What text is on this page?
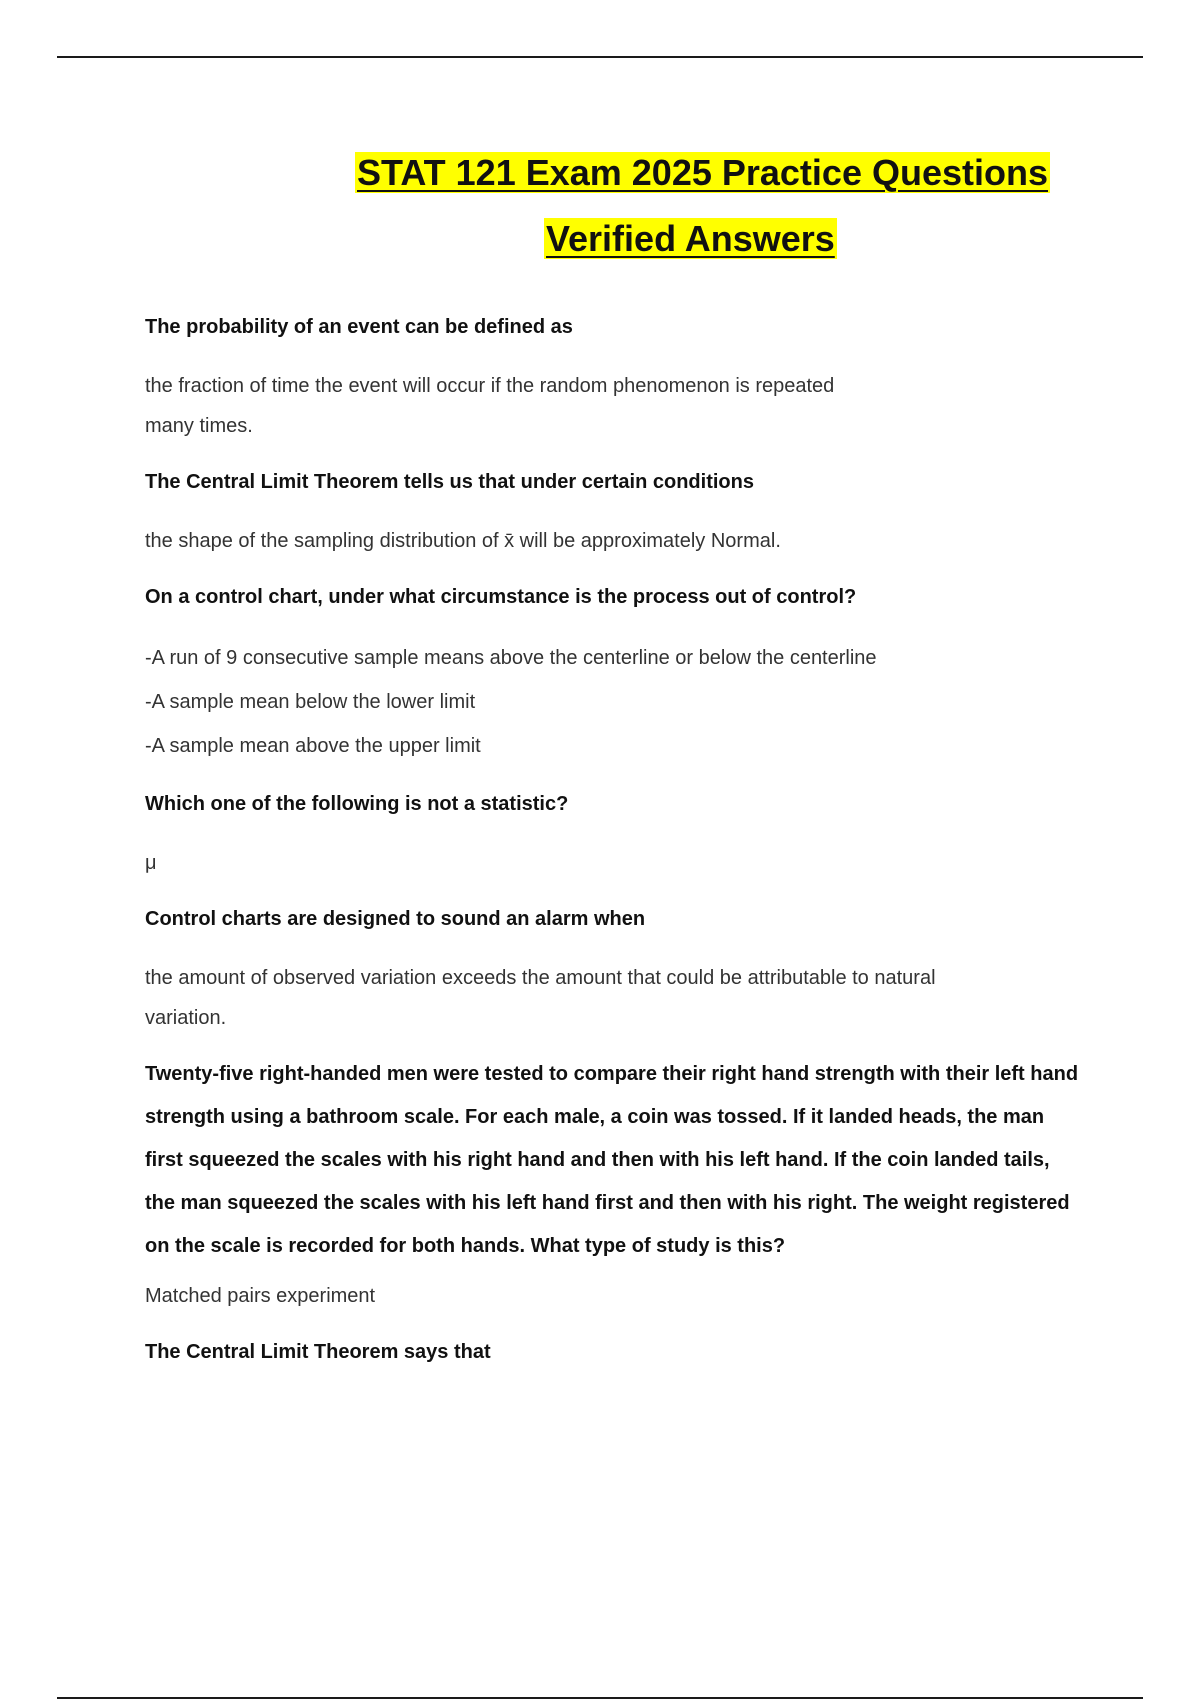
STAT 121 Exam 2025 Practice Questions
Verified Answers

The probability of an event can be defined as

the fraction of time the event will occur if the random phenomenon is repeated many times.

The Central Limit Theorem tells us that under certain conditions

the shape of the sampling distribution of x̄ will be approximately Normal.

On a control chart, under what circumstance is the process out of control?

-A run of 9 consecutive sample means above the centerline or below the centerline
-A sample mean below the lower limit
-A sample mean above the upper limit

Which one of the following is not a statistic?

μ

Control charts are designed to sound an alarm when

the amount of observed variation exceeds the amount that could be attributable to natural variation.

Twenty-five right-handed men were tested to compare their right hand strength with their left hand strength using a bathroom scale. For each male, a coin was tossed. If it landed heads, the man first squeezed the scales with his right hand and then with his left hand. If the coin landed tails, the man squeezed the scales with his left hand first and then with his right. The weight registered on the scale is recorded for both hands. What type of study is this?

Matched pairs experiment

The Central Limit Theorem says that
